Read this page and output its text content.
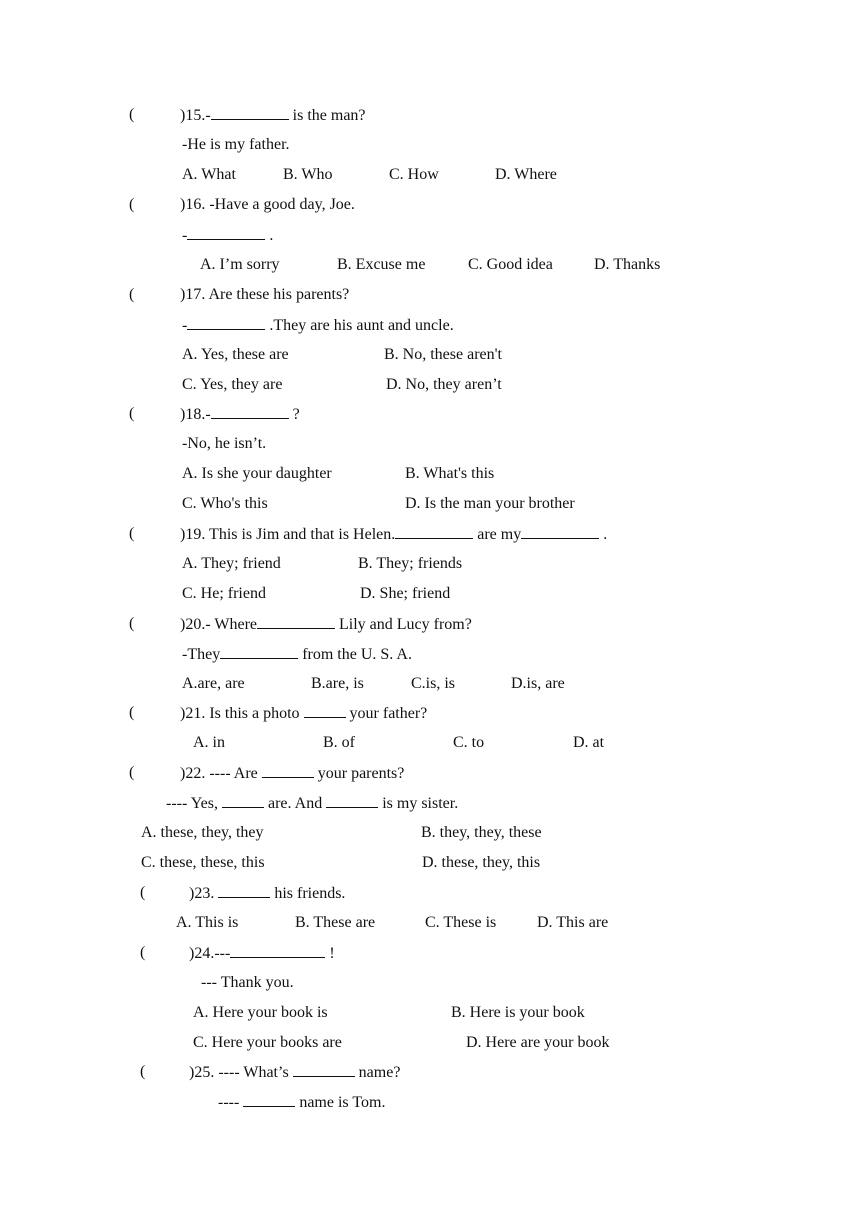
(	)15.-	is the man?
-He is my father.
A. What	B. Who	C. How	D. Where
(	)16. -Have a good day, Joe.
-	.
A. I’m sorry	B. Excuse me	C. Good idea	D. Thanks
(	)17. Are these his parents?
-	.They are his aunt and uncle.
A. Yes, these are	B. No, these aren't
C. Yes, they are	D. No, they aren’t
(	)18.-	?
-No, he isn’t.
A. Is she your daughter	B. What's this
C. Who's this	D. Is the man your brother
(	)19. This is Jim and that is Helen.	are my	.
A. They; friend	B. They; friends
C. He; friend	D. She; friend
(	)20.- Where	Lily and Lucy from?
-They	from the U. S. A.
A.are, are	B.are, is	C.is, is	D.is, are
(	)21. Is this a photo	your father?
A. in	B. of	C. to	D. at
(	)22. ---- Are	your parents?
---- Yes,	are. And	is my sister.
A. these, they, they	B. they, they, these
C. these, these, this	D. these, they, this
(	)23.	his friends.
A. This is	B. These are	C. These is	D. This are
(	)24.---	!
--- Thank you.
A. Here your book is	B. Here is your book
C. Here your books are	D. Here are your book
(	)25. ---- What’s	name?
----	name is Tom.
